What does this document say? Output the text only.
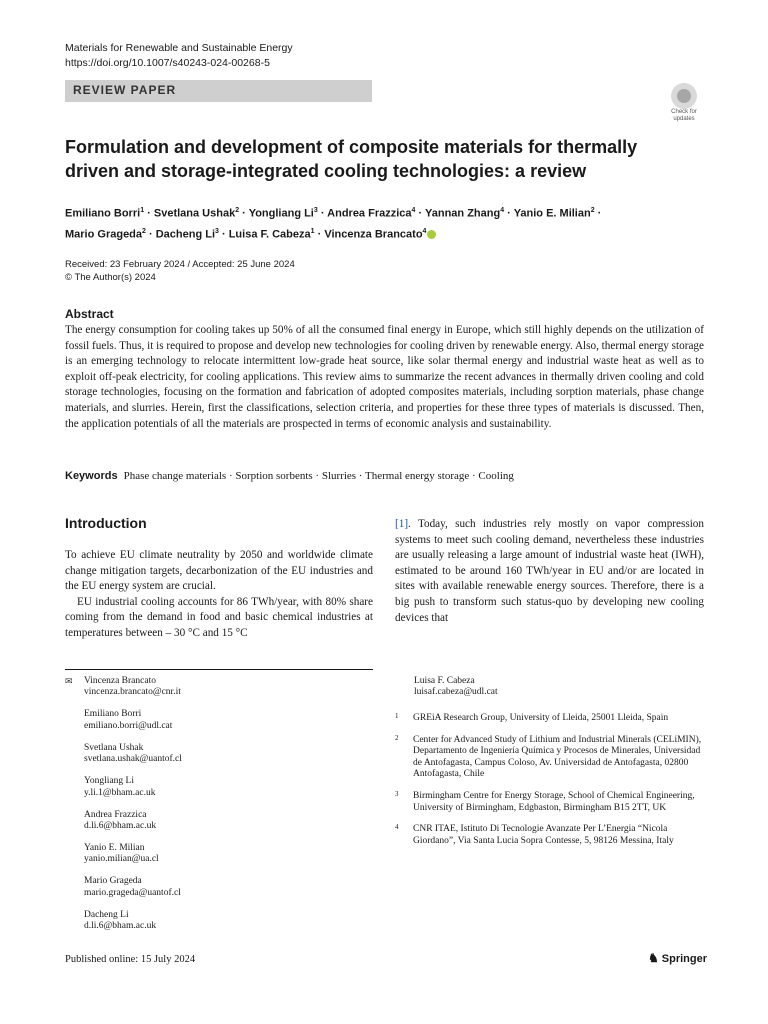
Materials for Renewable and Sustainable Energy
https://doi.org/10.1007/s40243-024-00268-5
REVIEW PAPER
Check for
updates
Formulation and development of composite materials for thermally driven and storage-integrated cooling technologies: a review
Emiliano Borri$^1$ · Svetlana Ushak$^2$ · Yongliang $Li^3$ · Andrea Frazzica$^4$ · Yannan Zhang$^4$ · Yanio E. Milian$^2$ ·
Mario Grageda$^2$ · Dacheng $Li^3$ · Luisa F. Cabeza$^1$ · Vincenza Brancato$^4$
Received: 23 February 2024 / Accepted: 25 June 2024
© The Author(s) 2024
Abstract
The energy consumption for cooling takes up 50% of all the consumed final energy in Europe, which still highly depends on the utilization of fossil fuels. Thus, it is required to propose and develop new technologies for cooling driven by renewable energy. Also, thermal energy storage is an emerging technology to relocate intermittent low-grade heat source, like solar thermal energy and industrial waste heat as well as to exploit off-peak electricity, for cooling applications. This review aims to summarize the recent advances in thermally driven cooling and cold storage technologies, focusing on the formation and fabrication of adopted composites materials, including sorption materials, phase change materials, and slurries. Herein, first the classifications, selection criteria, and properties for these three types of materials is discussed. Then, the application potentials of all the materials are prospected in terms of economic analysis and sustainability.
Keywords Phase change materials · Sorption sorbents · Slurries · Thermal energy storage · Cooling
Introduction

To achieve EU climate neutrality by 2050 and worldwide climate change mitigation targets, decarbonization of the EU industries and the EU energy system are crucial.

EU industrial cooling accounts for 86 TWh/year, with 80% share coming from the demand in food and basic chemical industries at temperatures between – 30 °C and 15 °C

[1]. Today, such industries rely mostly on vapor compression systems to meet such cooling demand, nevertheless these industries are usually releasing a large amount of industrial waste heat (IWH), estimated to be around 160 TWh/year in EU and/or are located in sites with available renewable energy sources. Therefore, there is a big push to transform such status-quo by developing new cooling devices that
✉ Vincenza Brancato
vincenza.brancato@cnr.it
Emiliano Borri
emiliano.borri@udl.cat
Svetlana Ushak
svetlana.ushak@uantof.cl
Yongliang Li
y.li.1@bham.ac.uk
Andrea Frazzica
d.li.6@bham.ac.uk
Yanio E. Milian
yanio.milian@ua.cl
Mario Grageda
mario.grageda@uantof.cl
Dacheng Li
d.li.6@bham.ac.uk
Luisa F. Cabeza
luisaf.cabeza@udl.cat
1 GREiA Research Group, University of Lleida, 25001 Lleida, Spain
2 Center for Advanced Study of Lithium and Industrial Minerals (CELiMIN), Departamento de Ingeniería Química y Procesos de Minerales, Universidad de Antofagasta, Campus Coloso, Av. Universidad de Antofagasta, 02800 Antofagasta, Chile
3 Birmingham Centre for Energy Storage, School of Chemical Engineering, University of Birmingham, Edgbaston, Birmingham B15 2TT, UK
4 CNR ITAE, Istituto Di Tecnologie Avanzate Per L’Energia “Nicola Giordano”, Via Santa Lucia Sopra Contesse, 5, 98126 Messina, Italy
Published online: 15 July 2024	♞ Springer
